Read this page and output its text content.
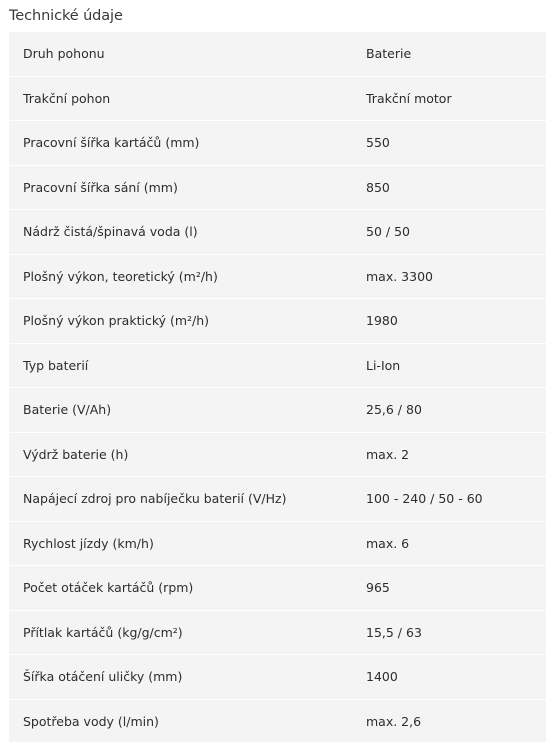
Technické údaje
Druh pohonu	Baterie
Trakční pohon	Trakční motor
Pracovní šířka kartáčů (mm)	550
Pracovní šířka sání (mm)	850
Nádrž čistá/špinavá voda (l)	50 / 50
Plošný výkon, teoretický (m²/h)	max. 3300
Plošný výkon praktický (m²/h)	1980
Typ baterií	Li-Ion
Baterie (V/Ah)	25,6 / 80
Výdrž baterie (h)	max. 2
Napájecí zdroj pro nabíječku baterií (V/Hz)	100 - 240 / 50 - 60
Rychlost jízdy (km/h)	max. 6
Počet otáček kartáčů (rpm)	965
Přítlak kartáčů (kg/g/cm²)	15,5 / 63
Šířka otáčení uličky (mm)	1400
Spotřeba vody (l/min)	max. 2,6
